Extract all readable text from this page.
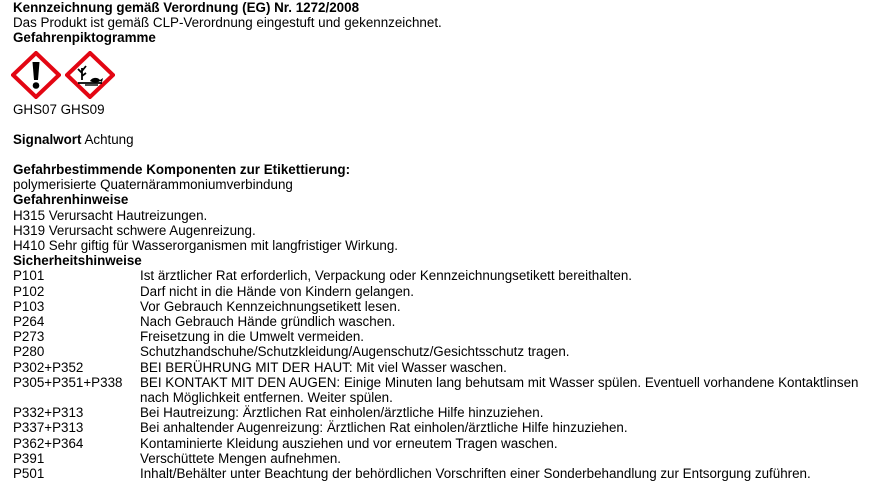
Kennzeichnung gemäß Verordnung (EG) Nr. 1272/2008
Das Produkt ist gemäß CLP-Verordnung eingestuft und gekennzeichnet.
Gefahrenpiktogramme
GHS07 GHS09
Signalwort Achtung
Gefahrbestimmende Komponenten zur Etikettierung:
polymerisierte Quaternärammoniumverbindung
Gefahrenhinweise
H315 Verursacht Hautreizungen.
H319 Verursacht schwere Augenreizung.
H410 Sehr giftig für Wasserorganismen mit langfristiger Wirkung.
Sicherheitshinweise
P101	Ist ärztlicher Rat erforderlich, Verpackung oder Kennzeichnungsetikett bereithalten.
P102	Darf nicht in die Hände von Kindern gelangen.
P103	Vor Gebrauch Kennzeichnungsetikett lesen.
P264	Nach Gebrauch Hände gründlich waschen.
P273	Freisetzung in die Umwelt vermeiden.
P280	Schutzhandschuhe/Schutzkleidung/Augenschutz/Gesichtsschutz tragen.
P302+P352	BEI BERÜHRUNG MIT DER HAUT: Mit viel Wasser waschen.
P305+P351+P338	BEI KONTAKT MIT DEN AUGEN: Einige Minuten lang behutsam mit Wasser spülen. Eventuell vorhandene Kontaktlinsen nach Möglichkeit entfernen. Weiter spülen.
P332+P313	Bei Hautreizung: Ärztlichen Rat einholen/ärztliche Hilfe hinzuziehen.
P337+P313	Bei anhaltender Augenreizung: Ärztlichen Rat einholen/ärztliche Hilfe hinzuziehen.
P362+P364	Kontaminierte Kleidung ausziehen und vor erneutem Tragen waschen.
P391	Verschüttete Mengen aufnehmen.
P501	Inhalt/Behälter unter Beachtung der behördlichen Vorschriften einer Sonderbehandlung zur Entsorgung zuführen.
